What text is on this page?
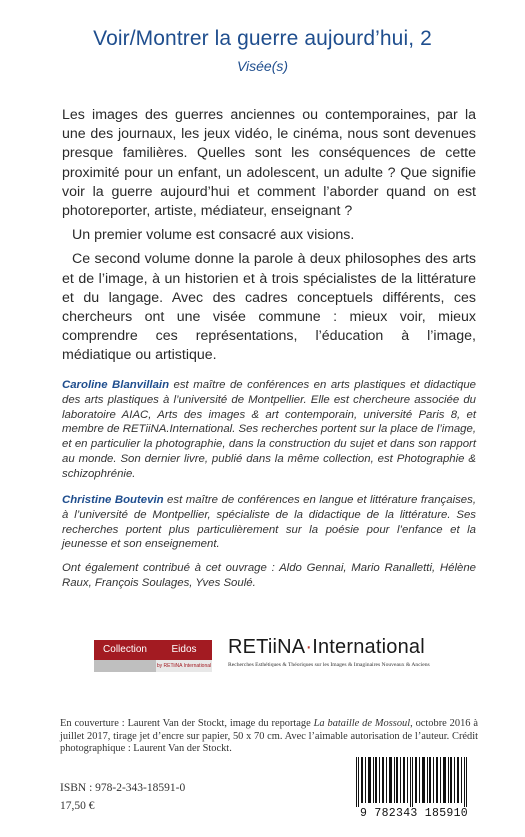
Voir/Montrer la guerre aujourd’hui, 2
Visée(s)

Les images des guerres anciennes ou contemporaines, par la une des journaux, les jeux vidéo, le cinéma, nous sont devenues presque familières. Quelles sont les conséquences de cette proximité pour un enfant, un adolescent, un adulte ? Que signifie voir la guerre aujourd’hui et comment l’aborder quand on est photoreporter, artiste, médiateur, enseignant ?

Un premier volume est consacré aux visions.

Ce second volume donne la parole à deux philosophes des arts et de l’image, à un historien et à trois spécialistes de la littérature et du langage. Avec des cadres conceptuels différents, ces chercheurs ont une visée commune : mieux voir, mieux comprendre ces représentations, l’éducation à l’image, médiatique ou artistique.

Caroline Blanvillain est maître de conférences en arts plastiques et didactique des arts plastiques à l’université de Montpellier. Elle est chercheure associée du laboratoire AIAC, Arts des images & art contemporain, université Paris 8, et membre de RETiiNA.International. Ses recherches portent sur la place de l’image, et en particulier la photographie, dans la construction du sujet et dans son rapport au monde. Son dernier livre, publié dans la même collection, est Photographie & schizophrénie.
Christine Boutevin est maître de conférences en langue et littérature françaises, à l’université de Montpellier, spécialiste de la didactique de la littérature. Ses recherches portent plus particulièrement sur la poésie pour l’enfance et la jeunesse et son enseignement.
Ont également contribué à cet ouvrage : Aldo Gennai, Mario Ranalletti, Hélène Raux, François Soulages, Yves Soulé.
Collection	Eidos
by RETiiNA International
RETiiNA·International
Recherches Esthétiques & Théoriques sur les Images & Imaginaires Nouveaux & Anciens
En couverture : Laurent Van der Stockt, image du reportage La bataille de Mossoul, octobre 2016 à juillet 2017, tirage jet d’encre sur papier, 50 x 70 cm. Avec l’aimable autorisation de l’auteur. Crédit photographique : Laurent Van der Stockt.
ISBN : 978-2-343-18591-0
17,50 €
9 782343 185910
